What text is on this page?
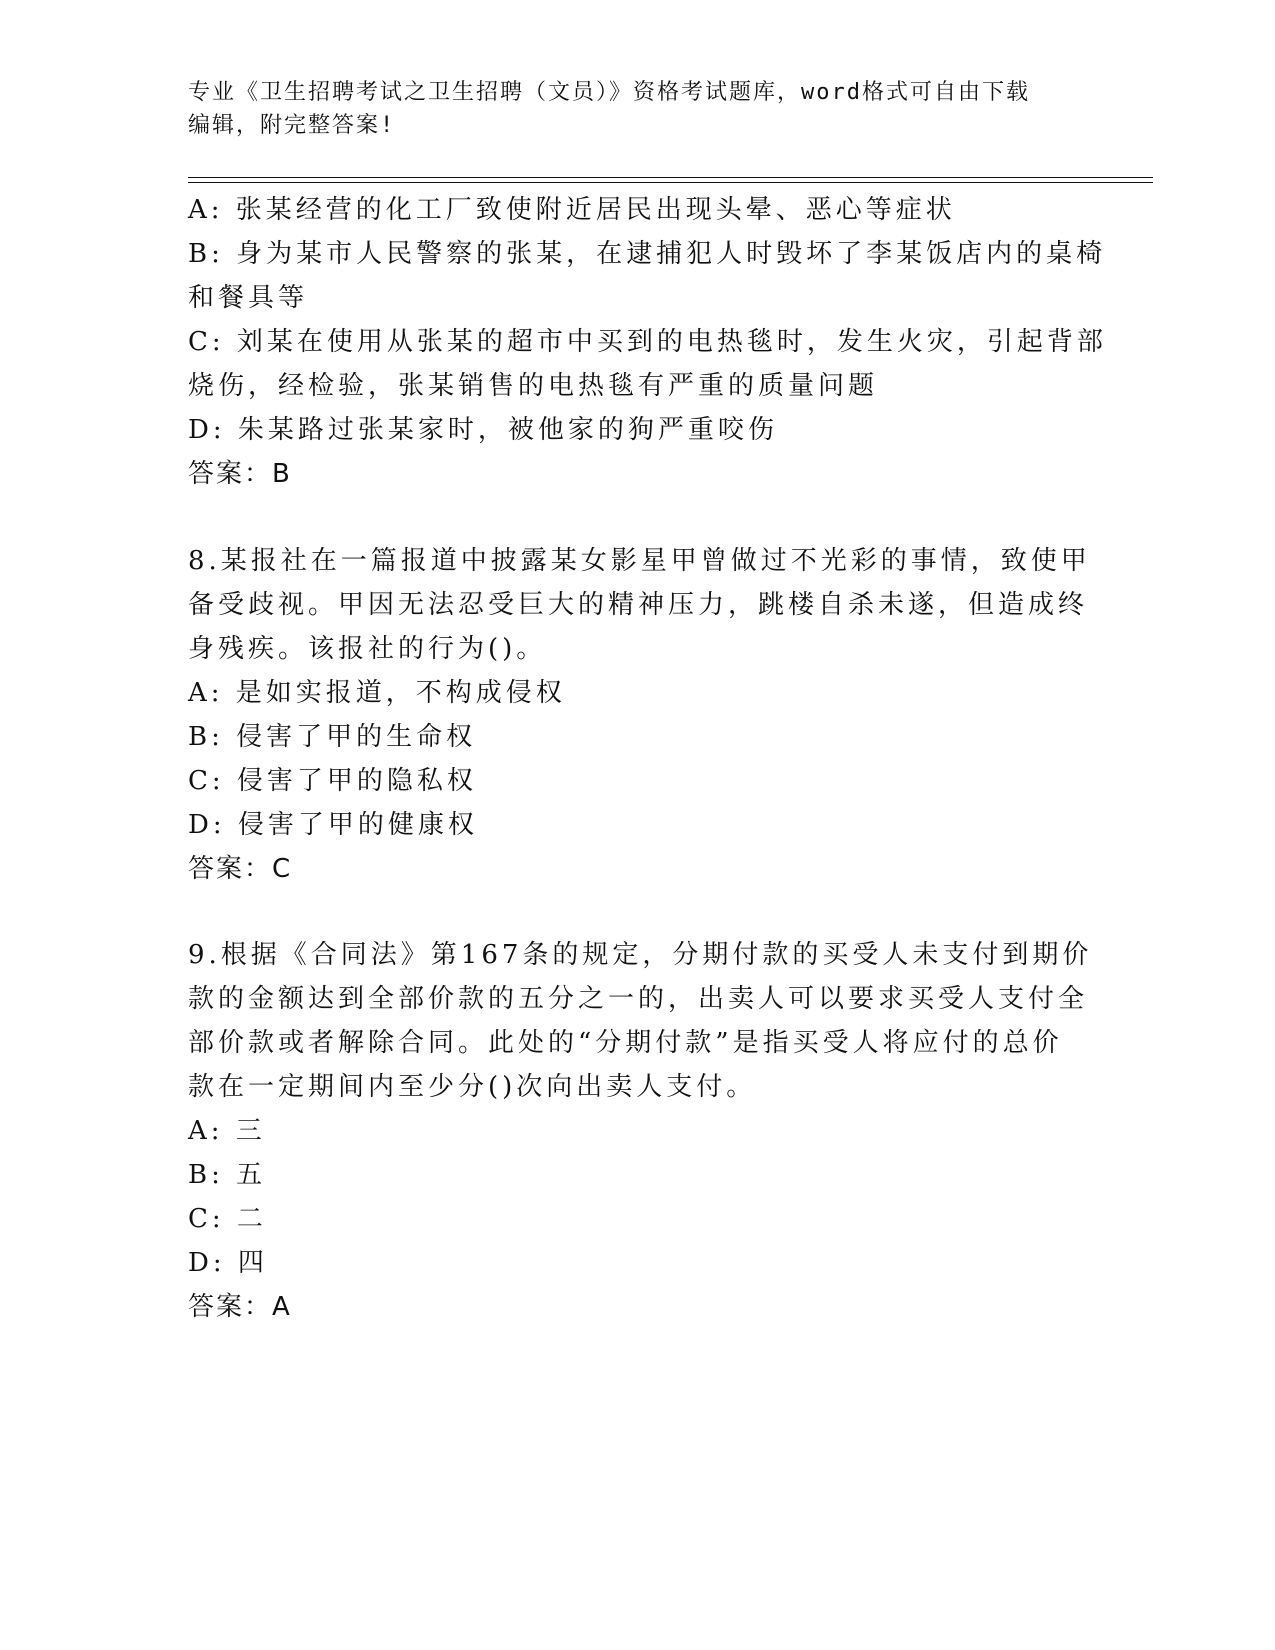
专业《卫生招聘考试之卫生招聘（文员）》资格考试题库，word格式可自由下载
编辑，附完整答案!
A: 张某经营的化工厂致使附近居民出现头晕、恶心等症状
B: 身为某市人民警察的张某，在逮捕犯人时毁坏了李某饭店内的桌椅
和餐具等
C: 刘某在使用从张某的超市中买到的电热毯时，发生火灾，引起背部
烧伤，经检验，张某销售的电热毯有严重的质量问题
D: 朱某路过张某家时，被他家的狗严重咬伤
答案：B
8.某报社在一篇报道中披露某女影星甲曾做过不光彩的事情，致使甲
备受歧视。甲因无法忍受巨大的精神压力，跳楼自杀未遂，但造成终
身残疾。该报社的行为()。
A: 是如实报道，不构成侵权
B: 侵害了甲的生命权
C: 侵害了甲的隐私权
D: 侵害了甲的健康权
答案：C
9.根据《合同法》第167条的规定，分期付款的买受人未支付到期价
款的金额达到全部价款的五分之一的，出卖人可以要求买受人支付全
部价款或者解除合同。此处的“分期付款”是指买受人将应付的总价
款在一定期间内至少分()次向出卖人支付。
A: 三
B: 五
C: 二
D: 四
答案：A
